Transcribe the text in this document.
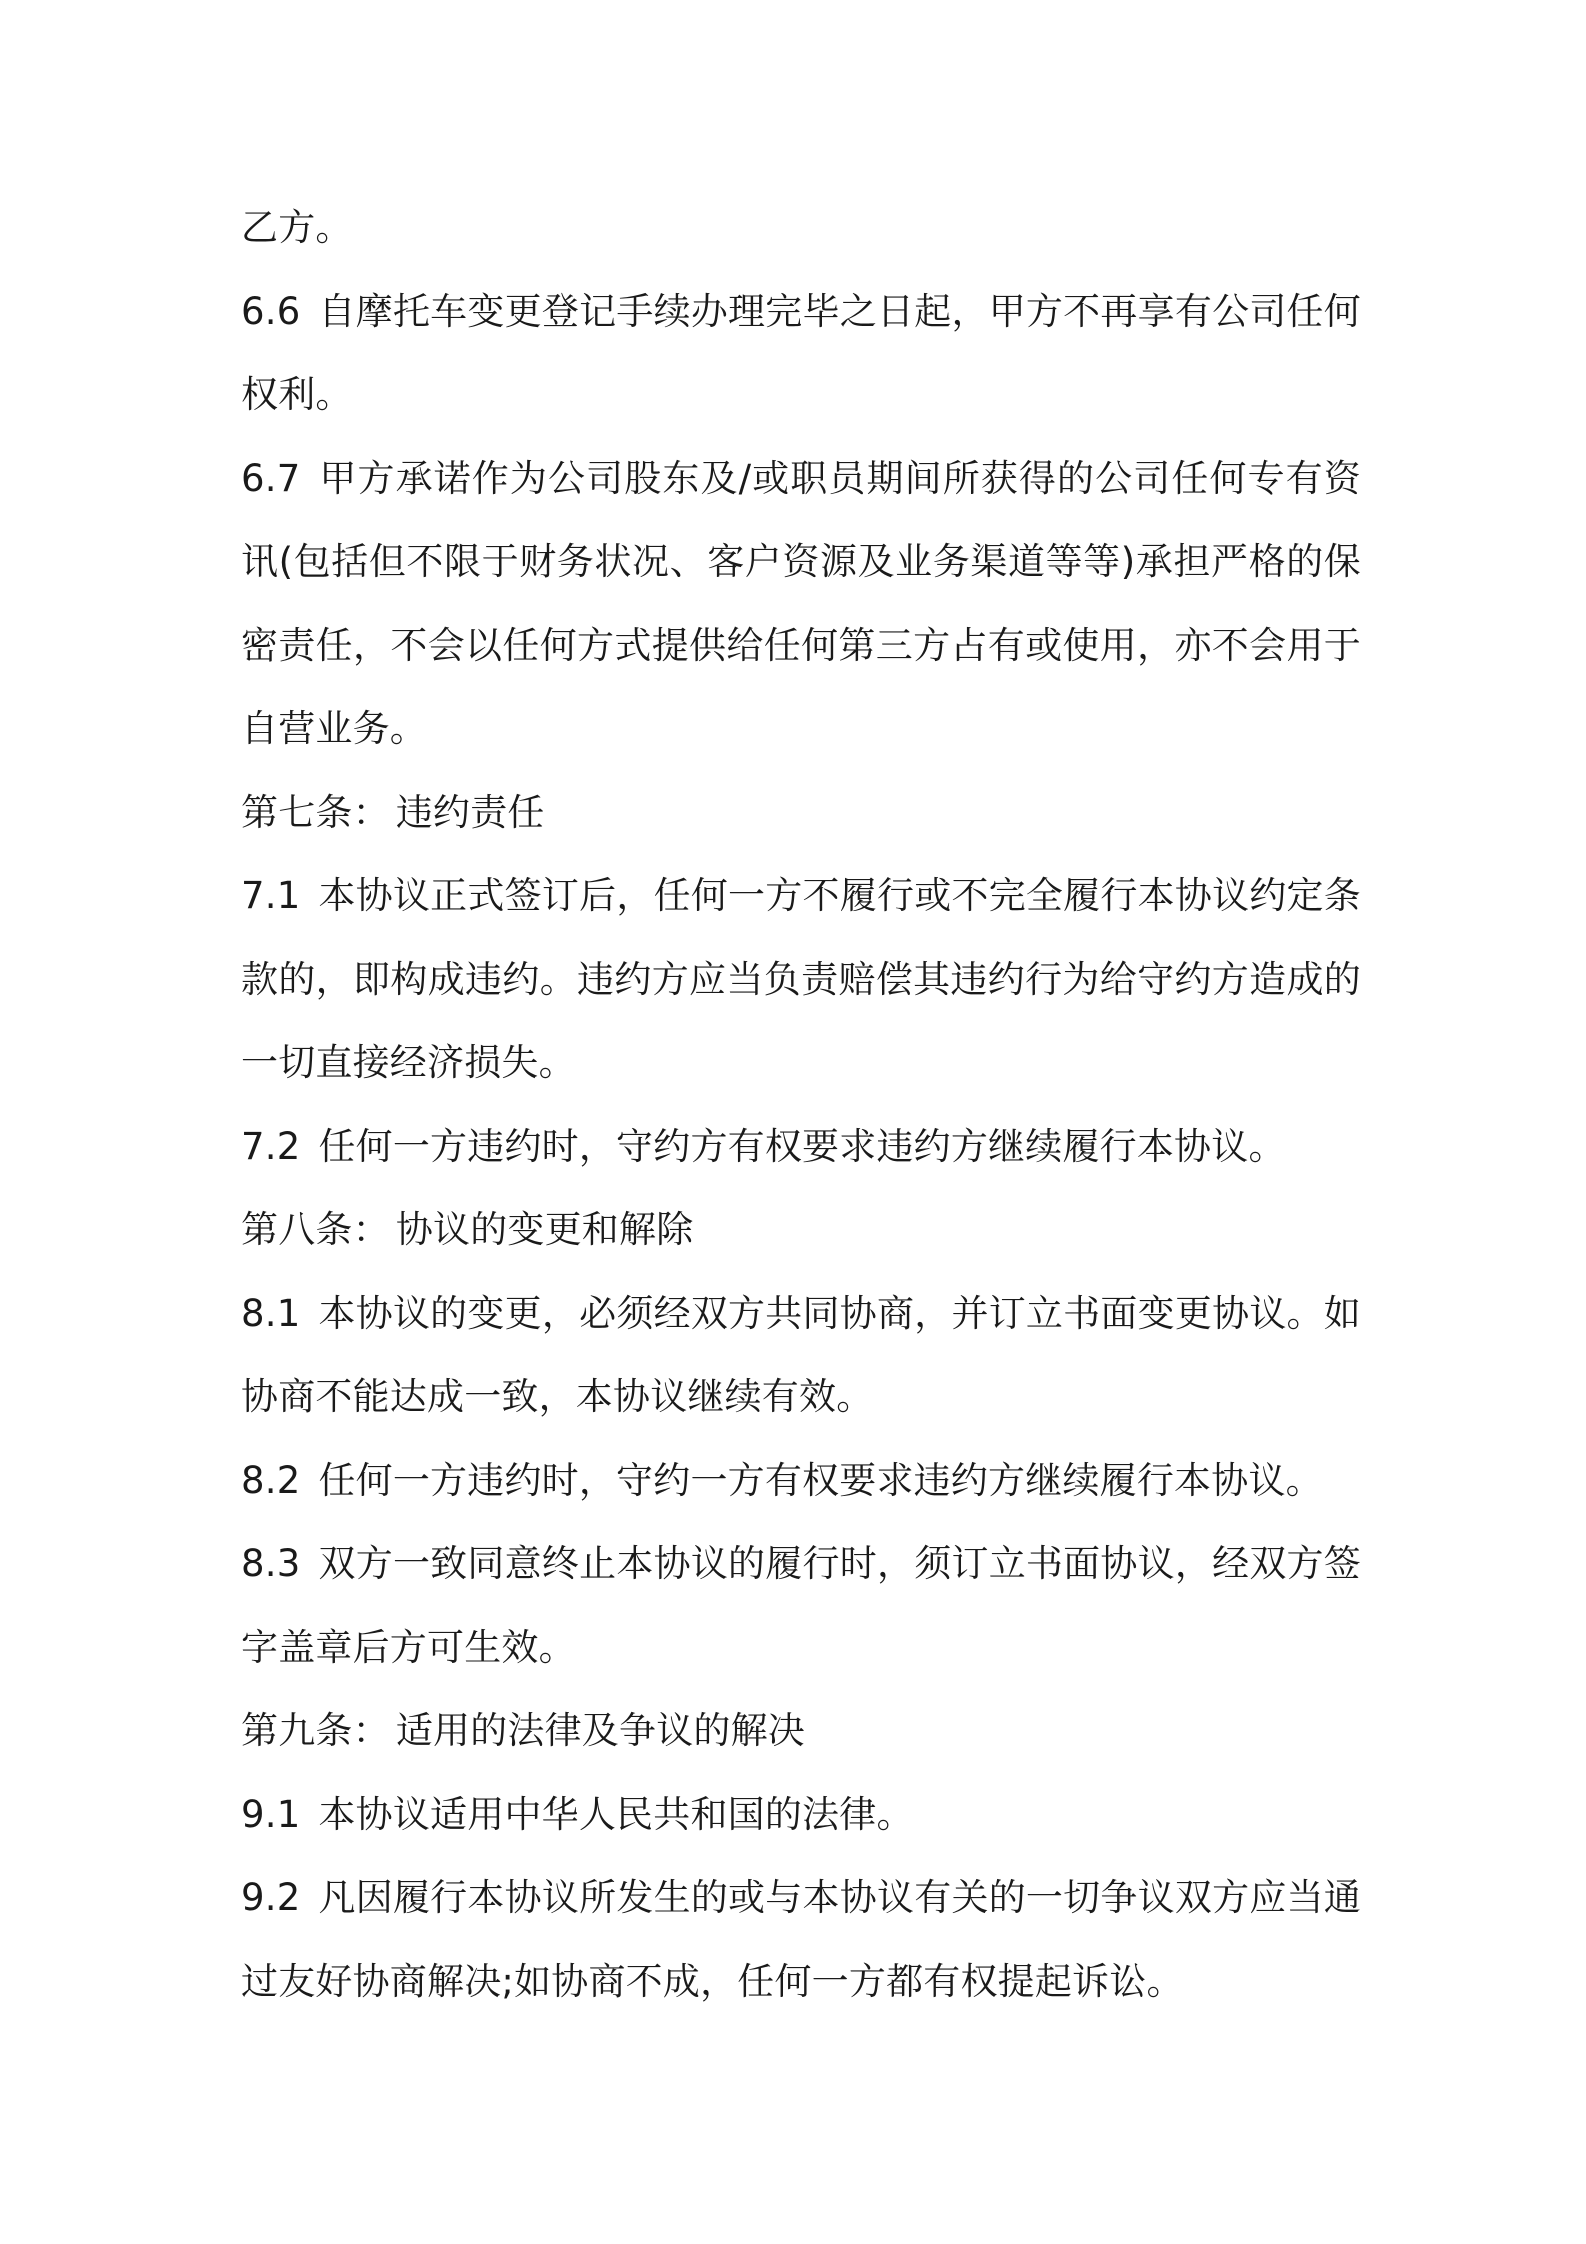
乙方。

6.6 自摩托车变更登记手续办理完毕之日起，甲方不再享有公司任何权利。

6.7 甲方承诺作为公司股东及/或职员期间所获得的公司任何专有资讯(包括但不限于财务状况、客户资源及业务渠道等等)承担严格的保密责任，不会以任何方式提供给任何第三方占有或使用，亦不会用于自营业务。

第七条： 违约责任

7.1 本协议正式签订后，任何一方不履行或不完全履行本协议约定条款的，即构成违约。违约方应当负责赔偿其违约行为给守约方造成的一切直接经济损失。

7.2 任何一方违约时，守约方有权要求违约方继续履行本协议。

第八条： 协议的变更和解除

8.1 本协议的变更，必须经双方共同协商，并订立书面变更协议。如协商不能达成一致，本协议继续有效。

8.2 任何一方违约时，守约一方有权要求违约方继续履行本协议。

8.3 双方一致同意终止本协议的履行时，须订立书面协议，经双方签字盖章后方可生效。

第九条： 适用的法律及争议的解决

9.1 本协议适用中华人民共和国的法律。

9.2 凡因履行本协议所发生的或与本协议有关的一切争议双方应当通过友好协商解决;如协商不成，任何一方都有权提起诉讼。
